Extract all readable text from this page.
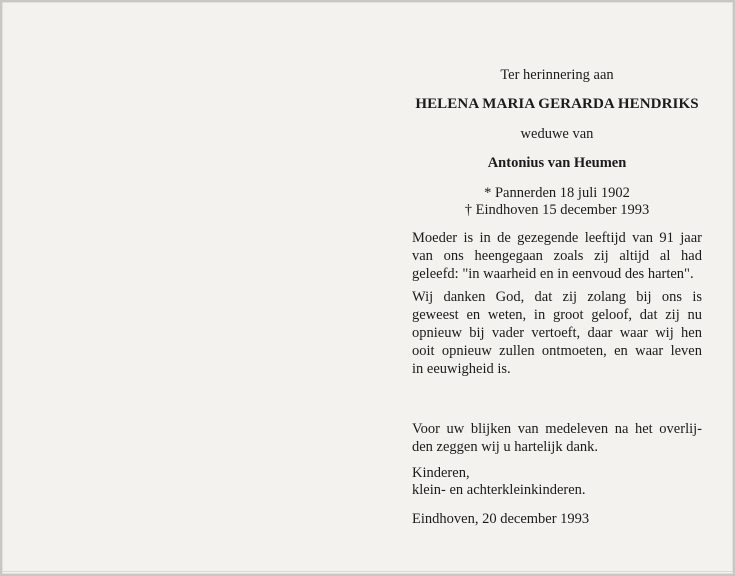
Ter herinnering aan
HELENA MARIA GERARDA HENDRIKS
weduwe van
Antonius van Heumen
* Pannerden 18 juli 1902
† Eindhoven 15 december 1993
Moeder is in de gezegende leeftijd van 91 jaar
van ons heengegaan zoals zij altijd al had
geleefd: "in waarheid en in eenvoud des harten".
Wij danken God, dat zij zolang bij ons is
geweest en weten, in groot geloof, dat zij nu
opnieuw bij vader vertoeft, daar waar wij hen
ooit opnieuw zullen ontmoeten, en waar leven
in eeuwigheid is.
Voor uw blijken van medeleven na het overlij-
den zeggen wij u hartelijk dank.
Kinderen,
klein- en achterkleinkinderen.
Eindhoven, 20 december 1993
